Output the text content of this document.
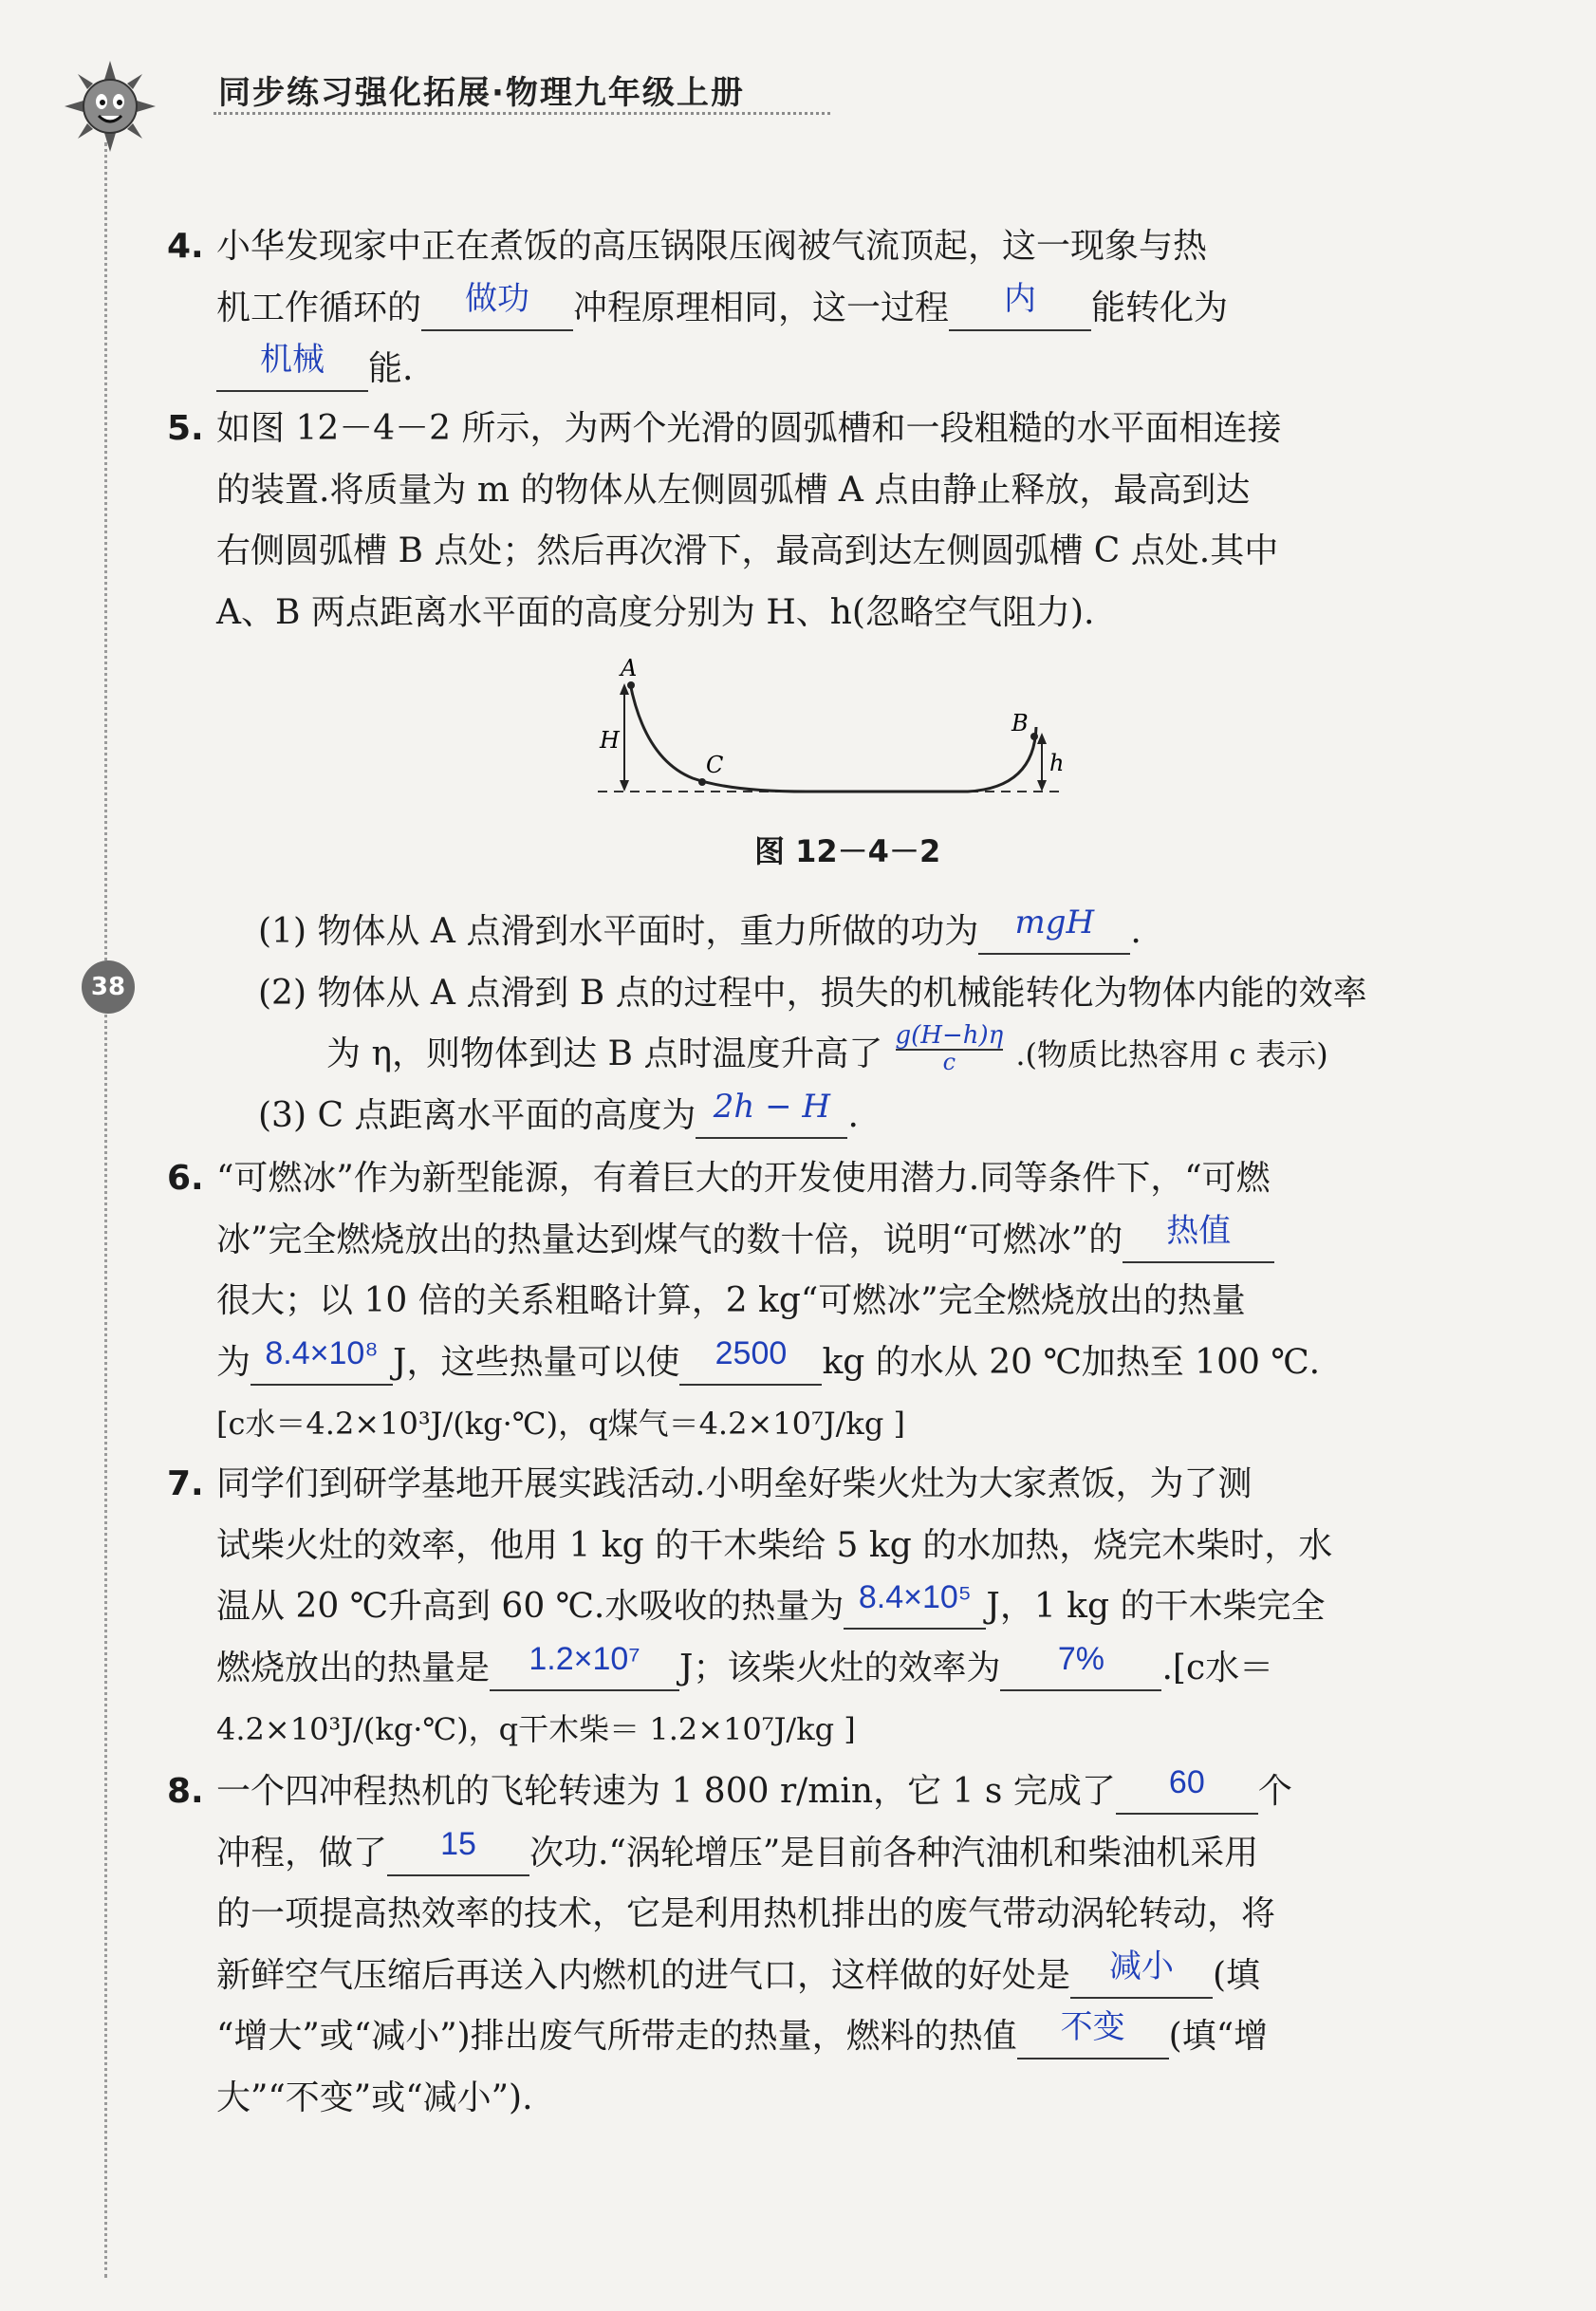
同步练习强化拓展·物理九年级上册
38
4. 小华发现家中正在煮饭的高压锅限压阀被气流顶起，这一现象与热
机工作循环的 做功 冲程原理相同，这一过程 内 能转化为
机械 能.
5. 如图 12－4－2 所示，为两个光滑的圆弧槽和一段粗糙的水平面相连接
的装置.将质量为 m 的物体从左侧圆弧槽 A 点由静止释放，最高到达
右侧圆弧槽 B 点处；然后再次滑下，最高到达左侧圆弧槽 C 点处.其中
A、B 两点距离水平面的高度分别为 H、h(忽略空气阻力).
A
H
C
B
h
图 12－4－2
(1) 物体从 A 点滑到水平面时，重力所做的功为 mgH .
(2) 物体从 A 点滑到 B 点的过程中，损失的机械能转化为物体内能的效率
为 η，则物体到达 B 点时温度升高了 $\frac{g(H-h)\eta}{c}$ .(物质比热容用 c 表示)
(3) C 点距离水平面的高度为 2h − H .
6. “可燃冰”作为新型能源，有着巨大的开发使用潜力.同等条件下，“可燃
冰”完全燃烧放出的热量达到煤气的数十倍，说明“可燃冰”的 热值
很大；以 10 倍的关系粗略计算，2 kg“可燃冰”完全燃烧放出的热量
为 8.4×10⁸ J，这些热量可以使 2500 kg 的水从 20 ℃加热至 100 ℃.
[c水＝4.2×10³J/(kg·℃)，q煤气＝4.2×10⁷J/kg ]
7. 同学们到研学基地开展实践活动.小明垒好柴火灶为大家煮饭，为了测
试柴火灶的效率，他用 1 kg 的干木柴给 5 kg 的水加热，烧完木柴时，水
温从 20 ℃升高到 60 ℃.水吸收的热量为 8.4×10⁵ J，1 kg 的干木柴完全
燃烧放出的热量是 1.2×10⁷ J；该柴火灶的效率为 7% .[c水＝
4.2×10³J/(kg·℃)，q干木柴＝ 1.2×10⁷J/kg ]
8. 一个四冲程热机的飞轮转速为 1 800 r/min，它 1 s 完成了 60 个
冲程，做了 15 次功.“涡轮增压”是目前各种汽油机和柴油机采用
的一项提高热效率的技术，它是利用热机排出的废气带动涡轮转动，将
新鲜空气压缩后再送入内燃机的进气口，这样做的好处是 减小 (填
“增大”或“减小”)排出废气所带走的热量，燃料的热值 不变 (填“增
大”“不变”或“减小”).
